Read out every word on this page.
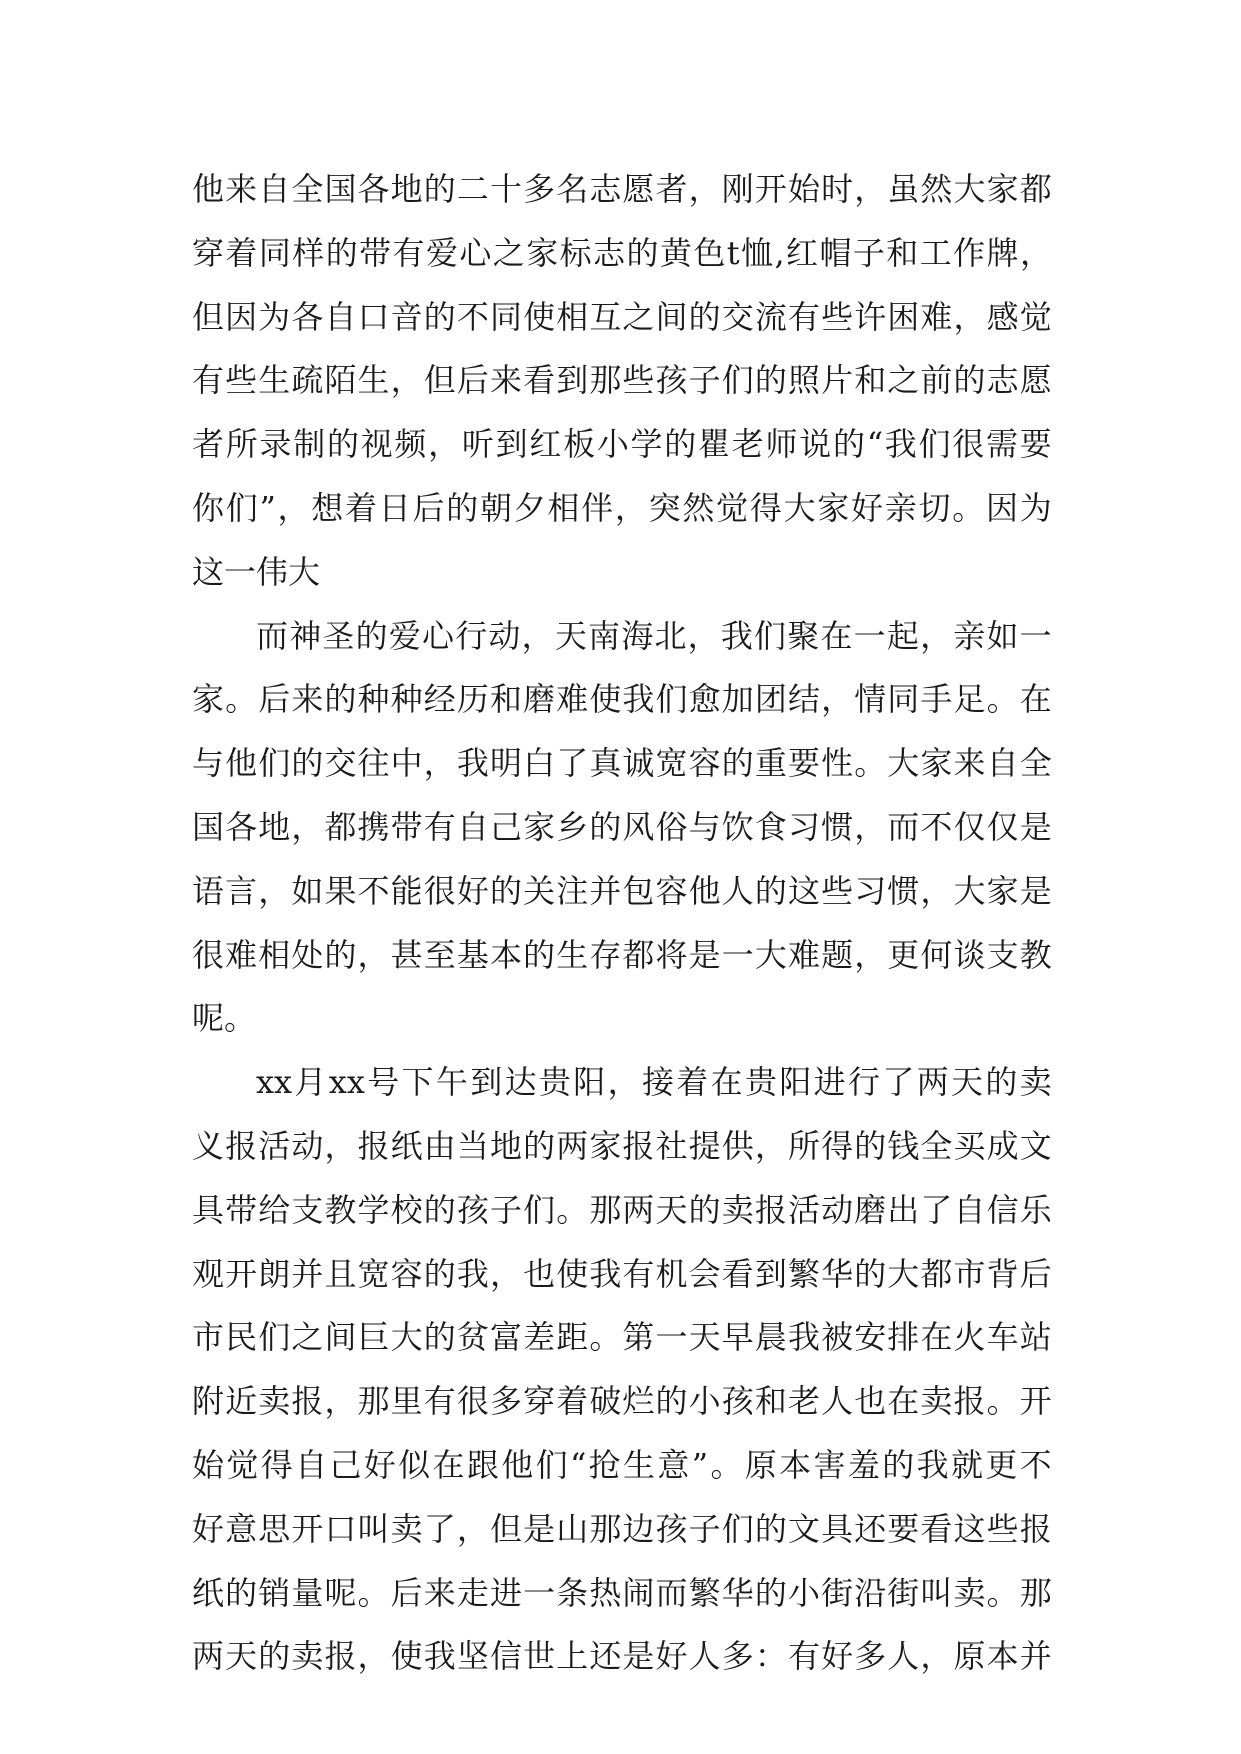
他 来 自 全 国 各 地 的 二 十 多 名 志 愿 者 ， 刚 开 始 时 ， 虽 然 大 家 都
穿 着 同 样 的 带 有 爱 心 之 家 标 志 的 黄 色 t 恤 , 红 帽 子 和 工 作 牌 ，
但 因 为 各 自 口 音 的 不 同 使 相 互 之 间 的 交 流 有 些 许 困 难 ， 感 觉
有 些 生 疏 陌 生 ， 但 后 来 看 到 那 些 孩 子 们 的 照 片 和 之 前 的 志 愿
者 所 录 制 的 视 频 ， 听 到 红 板 小 学 的 瞿 老 师 说 的 “ 我 们 很 需 要
你 们 ” ， 想 着 日 后 的 朝 夕 相 伴 ， 突 然 觉 得 大 家 好 亲 切 。 因 为
这一伟大
而 神 圣 的 爱 心 行 动 ， 天 南 海 北 ， 我 们 聚 在 一 起 ， 亲 如 一
家 。 后 来 的 种 种 经 历 和 磨 难 使 我 们 愈 加 团 结 ， 情 同 手 足 。 在
与 他 们 的 交 往 中 ， 我 明 白 了 真 诚 宽 容 的 重 要 性 。 大 家 来 自 全
国 各 地 ， 都 携 带 有 自 己 家 乡 的 风 俗 与 饮 食 习 惯 ， 而 不 仅 仅 是
语 言 ， 如 果 不 能 很 好 的 关 注 并 包 容 他 人 的 这 些 习 惯 ， 大 家 是
很 难 相 处 的 ， 甚 至 基 本 的 生 存 都 将 是 一 大 难 题 ， 更 何 谈 支 教
呢。
xx 月 xx 号 下 午 到 达 贵 阳 ， 接 着 在 贵 阳 进 行 了 两 天 的 卖
义 报 活 动 ， 报 纸 由 当 地 的 两 家 报 社 提 供 ， 所 得 的 钱 全 买 成 文
具 带 给 支 教 学 校 的 孩 子 们 。 那 两 天 的 卖 报 活 动 磨 出 了 自 信 乐
观 开 朗 并 且 宽 容 的 我 ， 也 使 我 有 机 会 看 到 繁 华 的 大 都 市 背 后
市 民 们 之 间 巨 大 的 贫 富 差 距 。 第 一 天 早 晨 我 被 安 排 在 火 车 站
附 近 卖 报 ， 那 里 有 很 多 穿 着 破 烂 的 小 孩 和 老 人 也 在 卖 报 。 开
始 觉 得 自 己 好 似 在 跟 他 们 “ 抢 生 意 ” 。 原 本 害 羞 的 我 就 更 不
好 意 思 开 口 叫 卖 了 ， 但 是 山 那 边 孩 子 们 的 文 具 还 要 看 这 些 报
纸 的 销 量 呢 。 后 来 走 进 一 条 热 闹 而 繁 华 的 小 街 沿 街 叫 卖 。 那
两 天 的 卖 报 ， 使 我 坚 信 世 上 还 是 好 人 多 ： 有 好 多 人 ， 原 本 并
